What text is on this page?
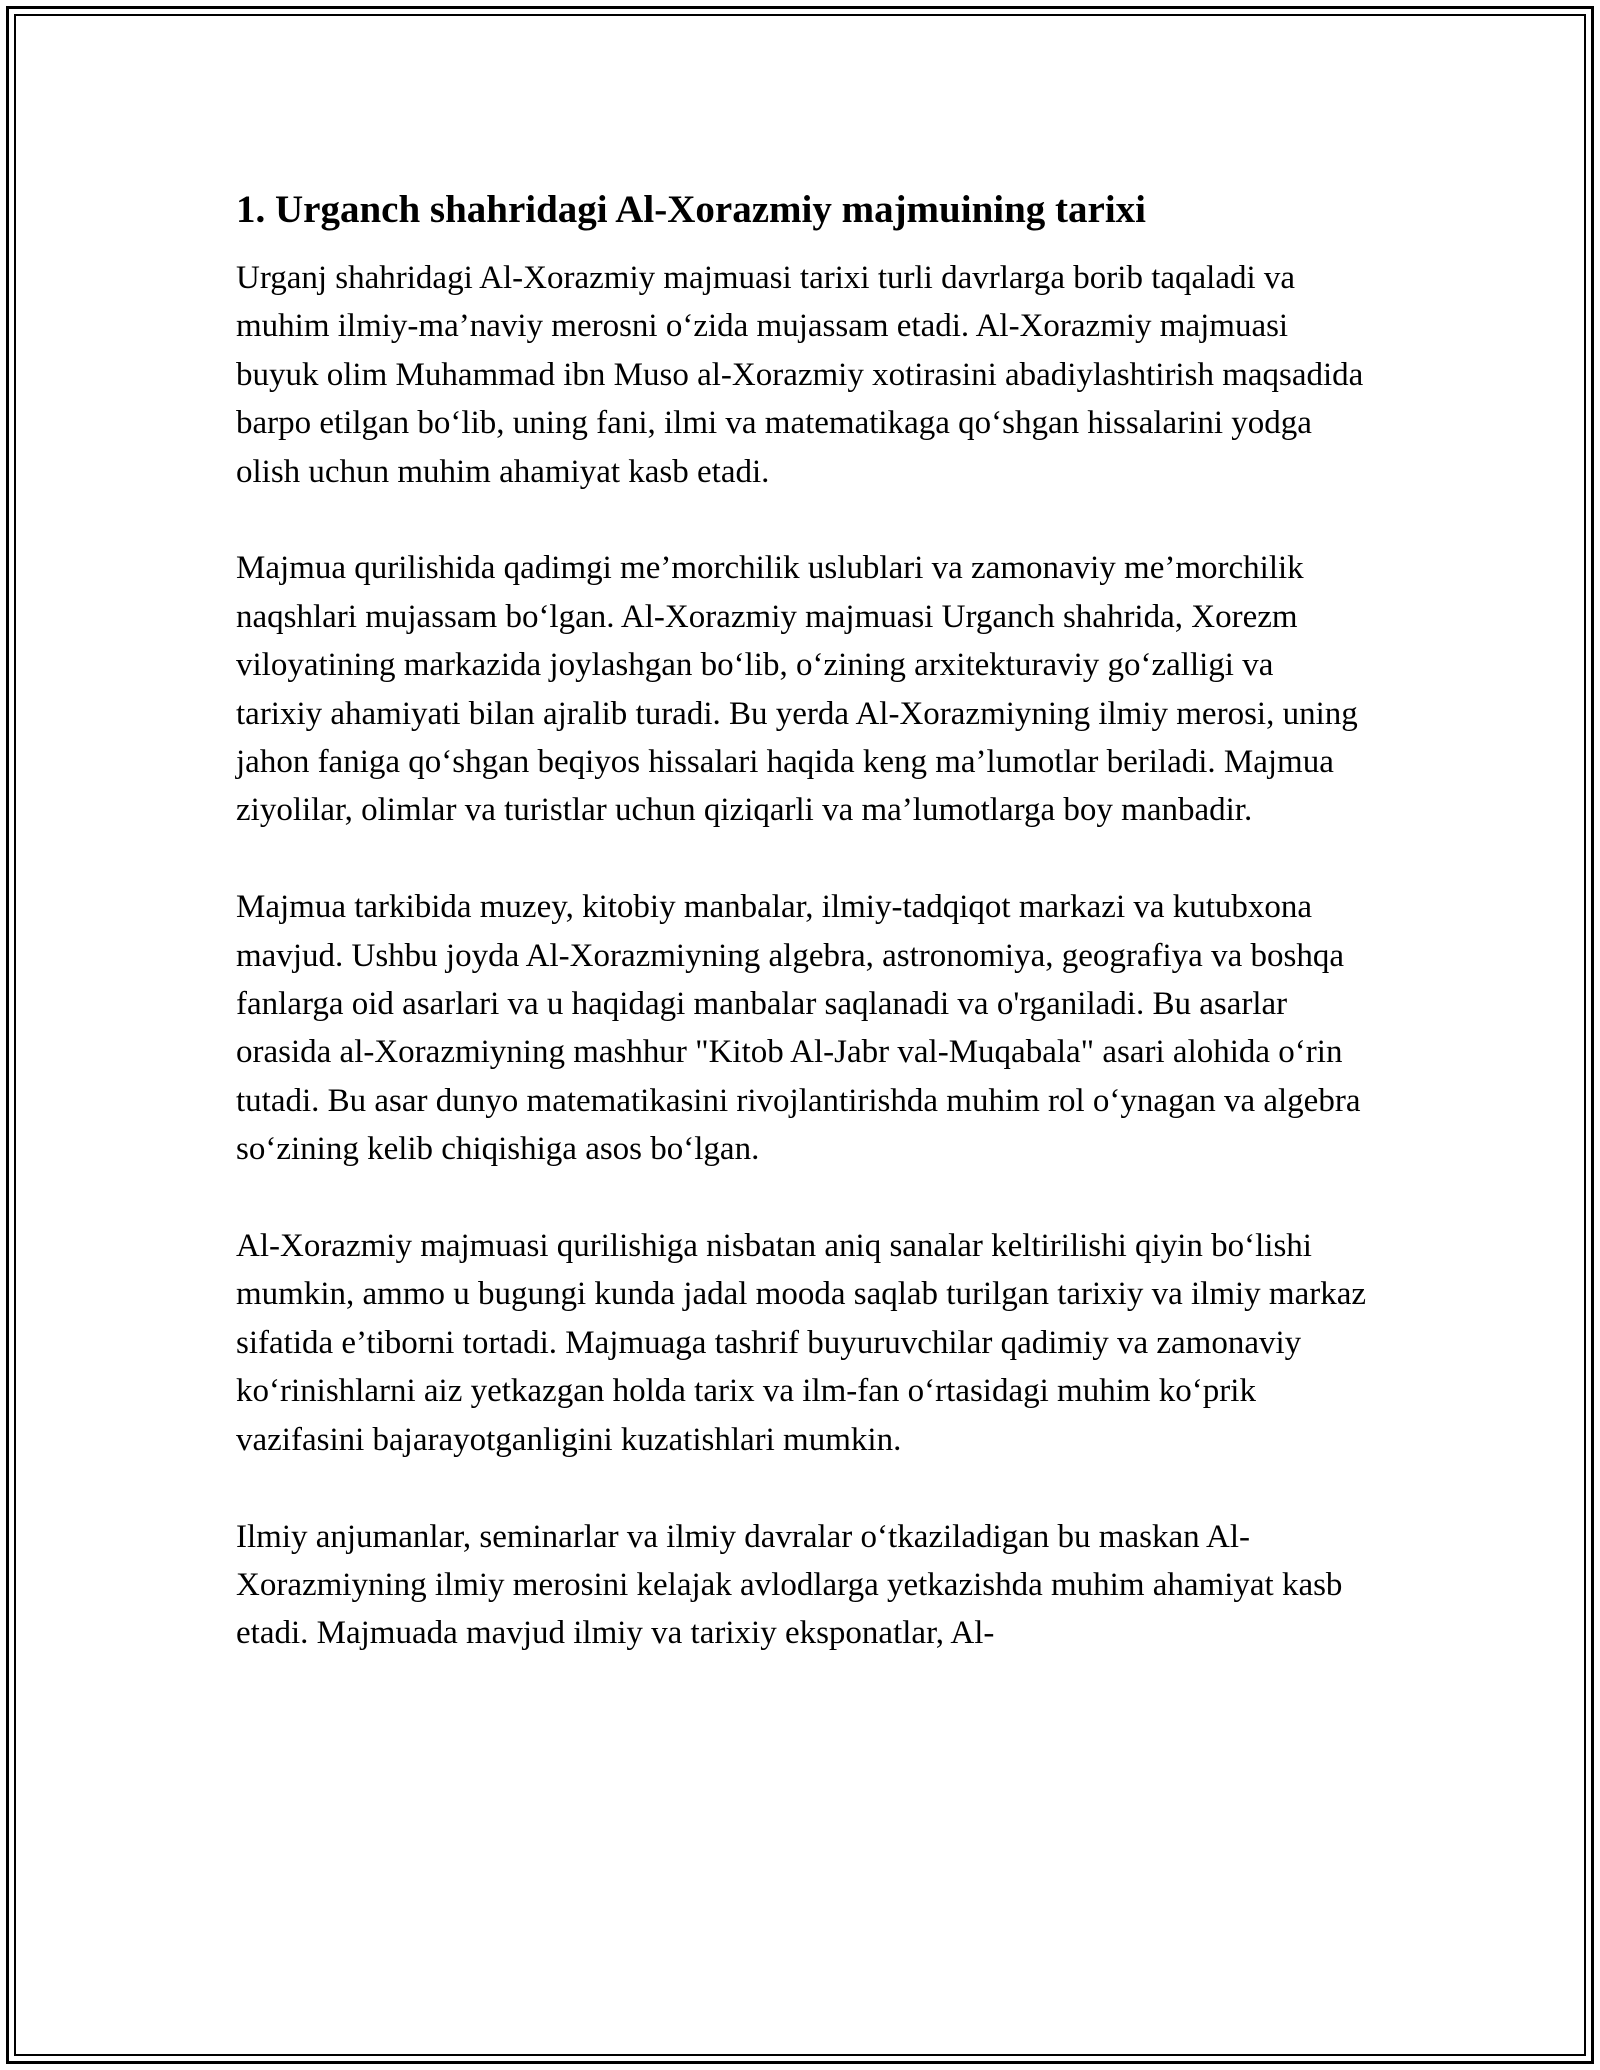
1. Urganch shahridagi Al-Xorazmiy majmuining tarixi

Urganj shahridagi Al-Xorazmiy majmuasi tarixi turli davrlarga borib taqaladi va muhim ilmiy-ma’naviy merosni o‘zida mujassam etadi. Al-Xorazmiy majmuasi buyuk olim Muhammad ibn Muso al-Xorazmiy xotirasini abadiylashtirish maqsadida barpo etilgan bo‘lib, uning fani, ilmi va matematikaga qo‘shgan hissalarini yodga olish uchun muhim ahamiyat kasb etadi.

Majmua qurilishida qadimgi me’morchilik uslublari va zamonaviy me’morchilik naqshlari mujassam bo‘lgan. Al-Xorazmiy majmuasi Urganch shahrida, Xorezm viloyatining markazida joylashgan bo‘lib, o‘zining arxitekturaviy go‘zalligi va tarixiy ahamiyati bilan ajralib turadi. Bu yerda Al-Xorazmiyning ilmiy merosi, uning jahon faniga qo‘shgan beqiyos hissalari haqida keng ma’lumotlar beriladi. Majmua ziyolilar, olimlar va turistlar uchun qiziqarli va ma’lumotlarga boy manbadir.

Majmua tarkibida muzey, kitobiy manbalar, ilmiy-tadqiqot markazi va kutubxona mavjud. Ushbu joyda Al-Xorazmiyning algebra, astronomiya, geografiya va boshqa fanlarga oid asarlari va u haqidagi manbalar saqlanadi va o'rganiladi. Bu asarlar orasida al-Xorazmiyning mashhur "Kitob Al-Jabr val-Muqabala" asari alohida o‘rin tutadi. Bu asar dunyo matematikasini rivojlantirishda muhim rol o‘ynagan va algebra so‘zining kelib chiqishiga asos bo‘lgan.

Al-Xorazmiy majmuasi qurilishiga nisbatan aniq sanalar keltirilishi qiyin bo‘lishi mumkin, ammo u bugungi kunda jadal mooda saqlab turilgan tarixiy va ilmiy markaz sifatida e’tiborni tortadi. Majmuaga tashrif buyuruvchilar qadimiy va zamonaviy ko‘rinishlarni aiz yetkazgan holda tarix va ilm-fan o‘rtasidagi muhim ko‘prik vazifasini bajarayotganligini kuzatishlari mumkin.

Ilmiy anjumanlar, seminarlar va ilmiy davralar o‘tkaziladigan bu maskan Al-Xorazmiyning ilmiy merosini kelajak avlodlarga yetkazishda muhim ahamiyat kasb etadi. Majmuada mavjud ilmiy va tarixiy eksponatlar, Al-
